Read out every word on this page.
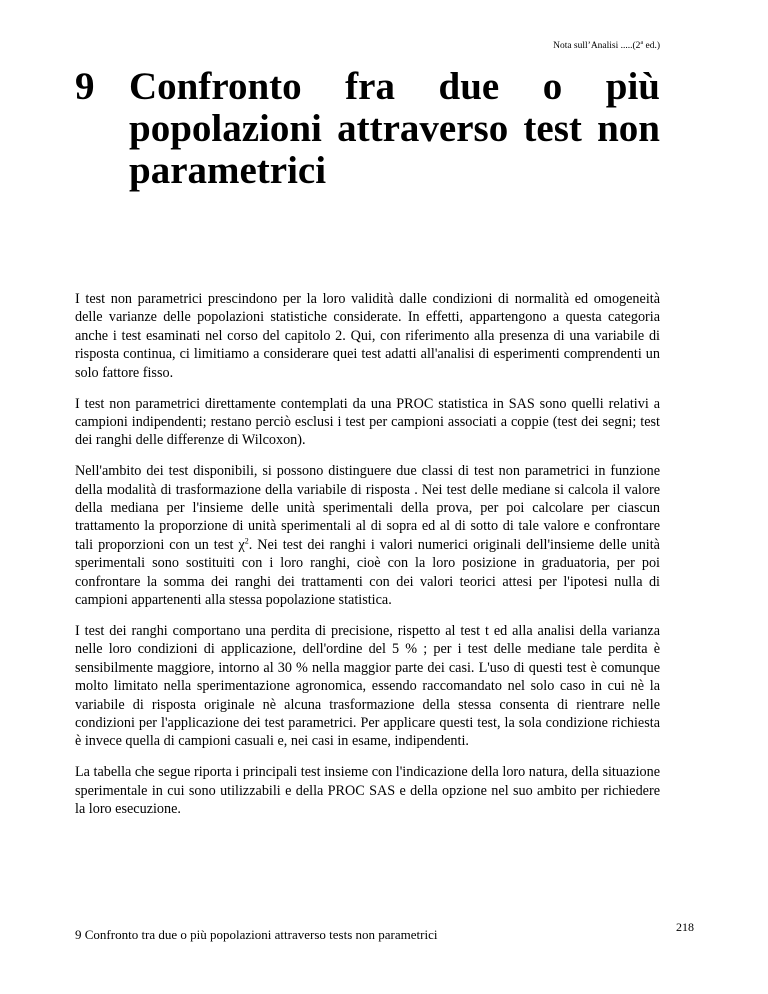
Nota sull’Analisi .....(2$^a$ ed.)
9 Confronto fra due o più popolazioni attraverso test non parametrici

I test non parametrici prescindono per la loro validità dalle condizioni di normalità ed omogeneità delle varianze delle popolazioni statistiche considerate. In effetti, appartengono a questa categoria anche i test esaminati nel corso del capitolo 2. Qui, con riferimento alla presenza di una variabile di risposta continua, ci limitiamo a considerare quei test adatti all'analisi di esperimenti comprendenti un solo fattore fisso.

I test non parametrici direttamente contemplati da una PROC statistica in SAS sono quelli relativi a campioni indipendenti; restano perciò esclusi i test per campioni associati a coppie (test dei segni; test dei ranghi delle differenze di Wilcoxon).

Nell'ambito dei test disponibili, si possono distinguere due classi di test non parametrici in funzione della modalità di trasformazione della variabile di risposta . Nei test delle mediane si calcola il valore della mediana per l'insieme delle unità sperimentali della prova, per poi calcolare per ciascun trattamento la proporzione di unità sperimentali al di sopra ed al di sotto di tale valore e confrontare tali proporzioni con un test $\chi^2$. Nei test dei ranghi i valori numerici originali dell'insieme delle unità sperimentali sono sostituiti con i loro ranghi, cioè con la loro posizione in graduatoria, per poi confrontare la somma dei ranghi dei trattamenti con dei valori teorici attesi per l'ipotesi nulla di campioni appartenenti alla stessa popolazione statistica.

I test dei ranghi comportano una perdita di precisione, rispetto al test t ed alla analisi della varianza nelle loro condizioni di applicazione, dell'ordine del 5 % ; per i test delle mediane tale perdita è sensibilmente maggiore, intorno al 30 % nella maggior parte dei casi. L'uso di questi test è comunque molto limitato nella sperimentazione agronomica, essendo raccomandato nel solo caso in cui nè la variabile di risposta originale nè alcuna trasformazione della stessa consenta di rientrare nelle condizioni per l'applicazione dei test parametrici. Per applicare questi test, la sola condizione richiesta è invece quella di campioni casuali e, nei casi in esame, indipendenti.

La tabella che segue riporta i principali test insieme con l'indicazione della loro natura, della situazione sperimentale in cui sono utilizzabili e della PROC SAS e della opzione nel suo ambito per richiedere la loro esecuzione.

9 Confronto tra due o più popolazioni attraverso tests non parametrici	218
